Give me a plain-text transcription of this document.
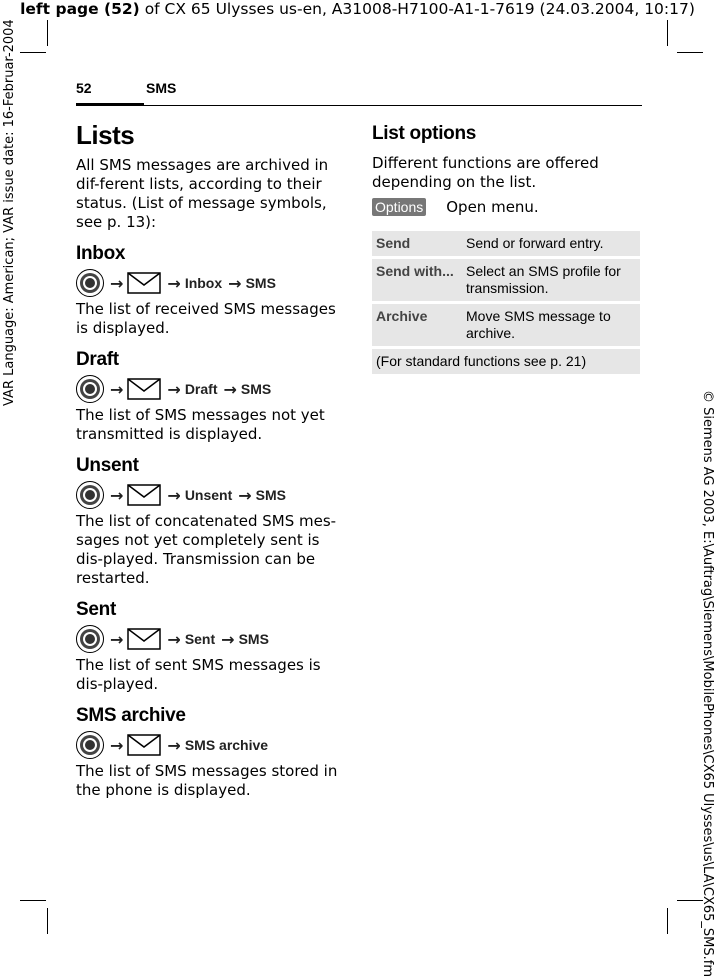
left page (52) of CX 65 Ulysses us-en, A31008-H7100-A1-1-7619 (24.03.2004, 10:17)
VAR Language: American; VAR issue date: 16-Februar-2004
© Siemens AG 2003, E:\Auftrag\Siemens\MobilePhones\CX65 Ulysses\us\LA\CX65_SMS.fm
52	SMS
Lists

All SMS messages are archived in dif-ferent lists, according to their status. (List of message symbols, see p. 13):

Inbox
→	→ Inbox → SMS

The list of received SMS messages is displayed.

Draft
→	→ Draft → SMS

The list of SMS messages not yet transmitted is displayed.

Unsent
→	→ Unsent → SMS

The list of concatenated SMS mes-sages not yet completely sent is dis-played. Transmission can be restarted.

Sent
→	→ Sent → SMS

The list of sent SMS messages is dis-played.

SMS archive
→	→ SMS archive

The list of SMS messages stored in the phone is displayed.

List options

Different functions are offered depending on the list.

Options Open menu.
Send	Send or forward entry.
Send with...	Select an SMS profile for transmission.
Archive	Move SMS message to archive.
(For standard functions see p. 21)	
